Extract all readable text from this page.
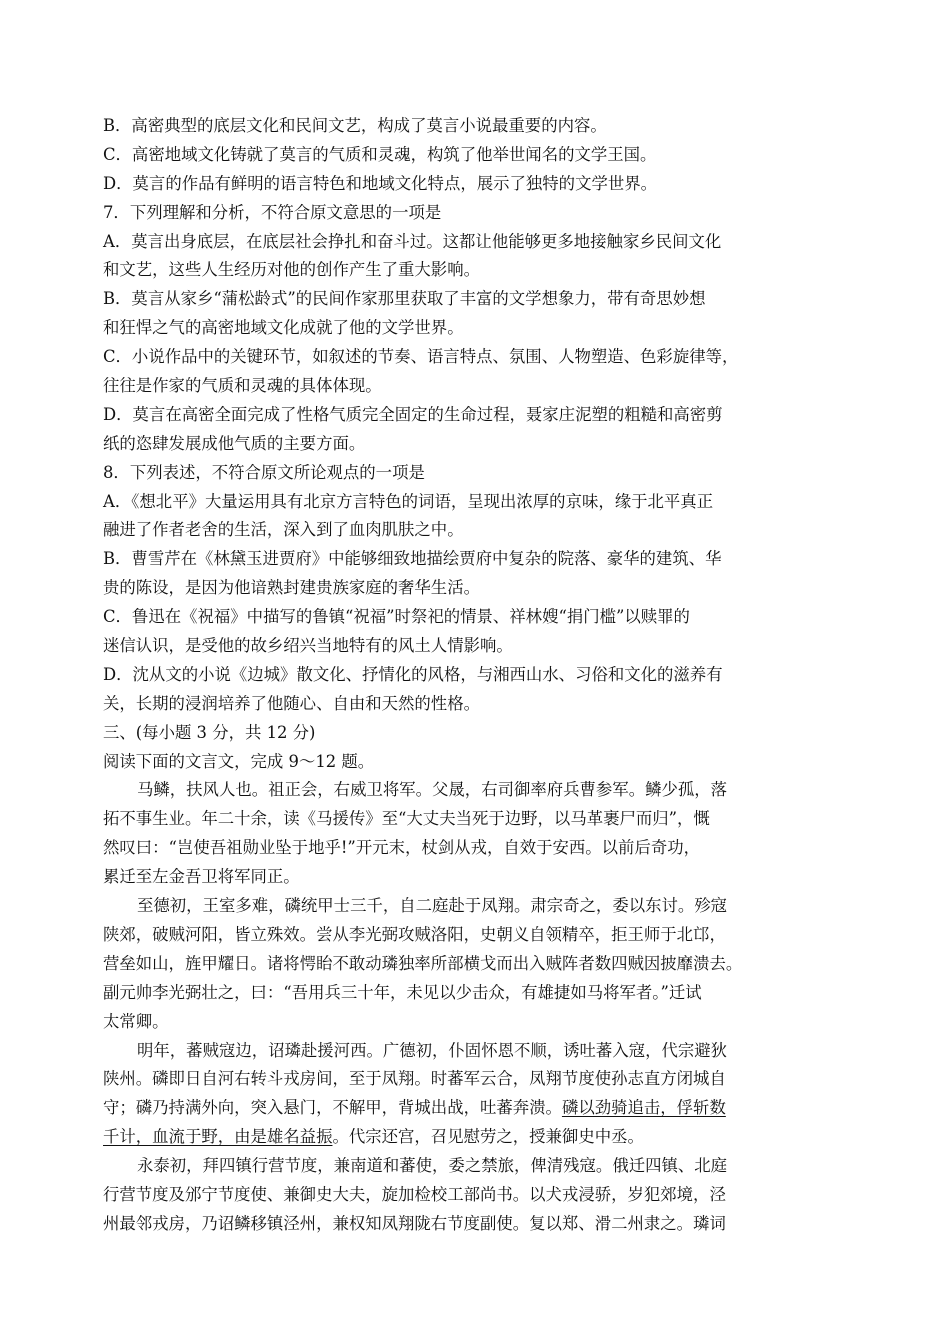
B．高密典型的底层文化和民间文艺，构成了莫言小说最重要的内容。
C．高密地域文化铸就了莫言的气质和灵魂，构筑了他举世闻名的文学王国。
D．莫言的作品有鲜明的语言特色和地域文化特点，展示了独特的文学世界。
7．下列理解和分析，不符合原文意思的一项是
A．莫言出身底层，在底层社会挣扎和奋斗过。这都让他能够更多地接触家乡民间文化
和文艺，这些人生经历对他的创作产生了重大影响。
B．莫言从家乡“蒲松龄式”的民间作家那里获取了丰富的文学想象力，带有奇思妙想
和狂悍之气的高密地域文化成就了他的文学世界。
C．小说作品中的关键环节，如叙述的节奏、语言特点、氛围、人物塑造、色彩旋律等，
往往是作家的气质和灵魂的具体体现。
D．莫言在高密全面完成了性格气质完全固定的生命过程，聂家庄泥塑的粗糙和高密剪
纸的恣肆发展成他气质的主要方面。
8．下列表述，不符合原文所论观点的一项是
A．《想北平》大量运用具有北京方言特色的词语，呈现出浓厚的京味，缘于北平真正
融进了作者老舍的生活，深入到了血肉肌肤之中。
B．曹雪芹在《林黛玉进贾府》中能够细致地描绘贾府中复杂的院落、豪华的建筑、华
贵的陈设，是因为他谙熟封建贵族家庭的奢华生活。
C．鲁迅在《祝福》中描写的鲁镇“祝福”时祭祀的情景、祥林嫂“捐门槛”以赎罪的
迷信认识，是受他的故乡绍兴当地特有的风土人情影响。
D．沈从文的小说《边城》散文化、抒情化的风格，与湘西山水、习俗和文化的滋养有
关，长期的浸润培养了他随心、自由和天然的性格。
三、(每小题 3 分，共 12 分)
阅读下面的文言文，完成 9～12 题。
马鳞，扶风人也。祖正会，右威卫将军。父晟，右司御率府兵曹参军。鳞少孤，落
拓不事生业。年二十余，读《马援传》至“大丈夫当死于边野，以马革裹尸而归”，慨
然叹曰：“岂使吾祖勋业坠于地乎!”开元末，杖剑从戎，自效于安西。以前后奇功，
累迁至左金吾卫将军同正。
至德初，王室多难，磷统甲士三千，自二庭赴于凤翔。肃宗奇之，委以东讨。殄寇
陕郊，破贼河阳，皆立殊效。尝从李光弼攻贼洛阳，史朝义自领精卒，拒王师于北邙，
营垒如山，旌甲耀日。诸将愕眙不敢动璘独率所部横戈而出入贼阵者数四贼因披靡溃去。
副元帅李光弼壮之，曰：“吾用兵三十年，未见以少击众，有雄捷如马将军者。”迁试
太常卿。
明年，蕃贼寇边，诏璘赴援河西。广德初，仆固怀恩不顺，诱吐蕃入寇，代宗避狄
陕州。磷即日自河右转斗戎房间，至于凤翔。时蕃军云合，凤翔节度使孙志直方闭城自
守；磷乃持满外向，突入悬门，不解甲，背城出战，吐蕃奔溃。磷以劲骑追击，俘斩数
千计，血流于野，由是雄名益振。代宗还宫，召见慰劳之，授兼御史中丞。
永泰初，拜四镇行营节度，兼南道和蕃使，委之禁旅，俾清残寇。俄迁四镇、北庭
行营节度及邠宁节度使、兼御史大夫，旋加检校工部尚书。以犬戎浸骄，岁犯郊境，泾
州最邻戎房，乃诏鳞移镇泾州，兼权知凤翔陇右节度副使。复以郑、滑二州隶之。璘词
